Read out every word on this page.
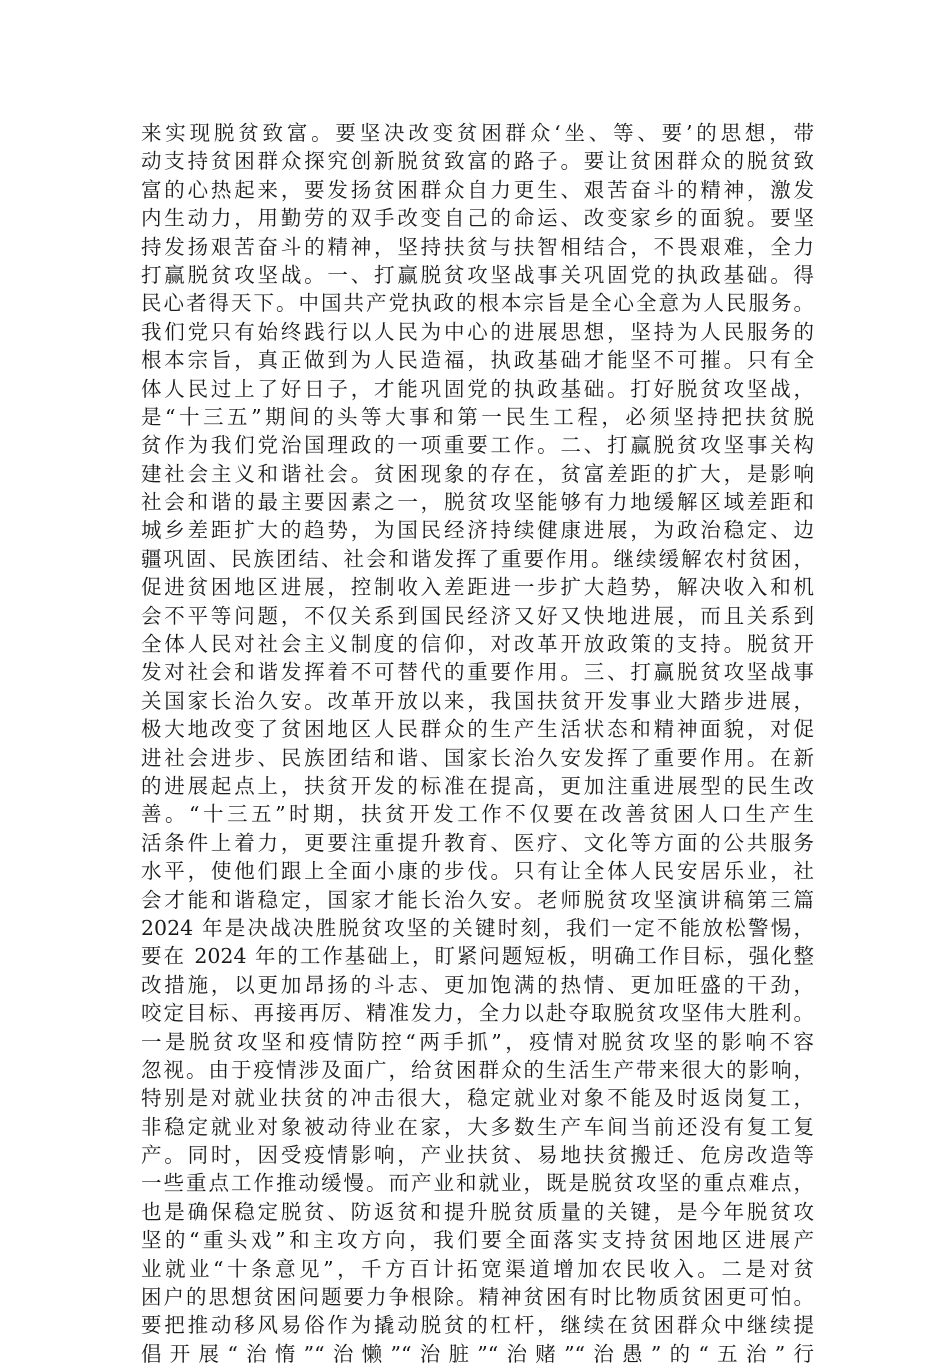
来实现脱贫致富。要坚决改变贫困群众‘坐、等、要’的思想，带
动支持贫困群众探究创新脱贫致富的路子。要让贫困群众的脱贫致
富的心热起来，要发扬贫困群众自力更生、艰苦奋斗的精神，激发
内生动力，用勤劳的双手改变自己的命运、改变家乡的面貌。要坚
持发扬艰苦奋斗的精神，坚持扶贫与扶智相结合，不畏艰难，全力
打赢脱贫攻坚战。一、打赢脱贫攻坚战事关巩固党的执政基础。得
民心者得天下。中国共产党执政的根本宗旨是全心全意为人民服务。
我们党只有始终践行以人民为中心的进展思想，坚持为人民服务的
根本宗旨，真正做到为人民造福，执政基础才能坚不可摧。只有全
体人民过上了好日子，才能巩固党的执政基础。打好脱贫攻坚战，
是“十三五”期间的头等大事和第一民生工程，必须坚持把扶贫脱
贫作为我们党治国理政的一项重要工作。二、打赢脱贫攻坚事关构
建社会主义和谐社会。贫困现象的存在，贫富差距的扩大，是影响
社会和谐的最主要因素之一，脱贫攻坚能够有力地缓解区域差距和
城乡差距扩大的趋势，为国民经济持续健康进展，为政治稳定、边
疆巩固、民族团结、社会和谐发挥了重要作用。继续缓解农村贫困，
促进贫困地区进展，控制收入差距进一步扩大趋势，解决收入和机
会不平等问题，不仅关系到国民经济又好又快地进展，而且关系到
全体人民对社会主义制度的信仰，对改革开放政策的支持。脱贫开
发对社会和谐发挥着不可替代的重要作用。三、打赢脱贫攻坚战事
关国家长治久安。改革开放以来，我国扶贫开发事业大踏步进展，
极大地改变了贫困地区人民群众的生产生活状态和精神面貌，对促
进社会进步、民族团结和谐、国家长治久安发挥了重要作用。在新
的进展起点上，扶贫开发的标准在提高，更加注重进展型的民生改
善。“十三五”时期，扶贫开发工作不仅要在改善贫困人口生产生
活条件上着力，更要注重提升教育、医疗、文化等方面的公共服务
水平，使他们跟上全面小康的步伐。只有让全体人民安居乐业，社
会才能和谐稳定，国家才能长治久安。老师脱贫攻坚演讲稿第三篇
2024 年是决战决胜脱贫攻坚的关键时刻，我们一定不能放松警惕，
要在 2024 年的工作基础上，盯紧问题短板，明确工作目标，强化整
改措施，以更加昂扬的斗志、更加饱满的热情、更加旺盛的干劲，
咬定目标、再接再厉、精准发力，全力以赴夺取脱贫攻坚伟大胜利。
一是脱贫攻坚和疫情防控“两手抓”，疫情对脱贫攻坚的影响不容
忽视。由于疫情涉及面广，给贫困群众的生活生产带来很大的影响，
特别是对就业扶贫的冲击很大，稳定就业对象不能及时返岗复工，
非稳定就业对象被动待业在家，大多数生产车间当前还没有复工复
产。同时，因受疫情影响，产业扶贫、易地扶贫搬迁、危房改造等
一些重点工作推动缓慢。而产业和就业，既是脱贫攻坚的重点难点，
也是确保稳定脱贫、防返贫和提升脱贫质量的关键，是今年脱贫攻
坚的“重头戏”和主攻方向，我们要全面落实支持贫困地区进展产
业就业“十条意见”，千方百计拓宽渠道增加农民收入。二是对贫
困户的思想贫困问题要力争根除。精神贫困有时比物质贫困更可怕。
要把推动移风易俗作为撬动脱贫的杠杆，继续在贫困群众中继续提
倡开展“治惰”“治懒”“治脏”“治赌”“治愚”的“五治”行
